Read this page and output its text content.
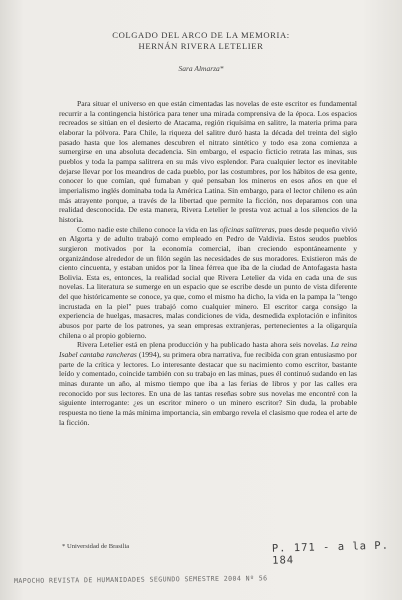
COLGADO DEL ARCO DE LA MEMORIA:
HERNÁN RIVERA LETELIER
Sara Almarza*

Para situar el universo en que están cimentadas las novelas de este escritor es fundamental recurrir a la contingencia histórica para tener una mirada comprensiva de la época. Los espacios recreados se sitúan en el desierto de Atacama, región riquísima en salitre, la materia prima para elaborar la pólvora. Para Chile, la riqueza del salitre duró hasta la década del treinta del siglo pasado hasta que los alemanes descubren el nitrato sintético y todo esa zona comienza a sumergirse en una absoluta decadencia. Sin embargo, el espacio ficticio retrata las minas, sus pueblos y toda la pampa salitrera en su más vivo esplendor. Para cualquier lector es inevitable dejarse llevar por los meandros de cada pueblo, por las costumbres, por los hábitos de esa gente, conocer lo que comían, qué fumaban y qué pensaban los mineros en esos años en que el imperialismo inglés dominaba toda la América Latina. Sin embargo, para el lector chileno es aún más atrayente porque, a través de la libertad que permite la ficción, nos deparamos con una realidad desconocida. De esta manera, Rivera Letelier le presta voz actual a los silencios de la historia.

Como nadie este chileno conoce la vida en las oficinas salitreras, pues desde pequeño vivió en Algorta y de adulto trabajó como empleado en Pedro de Valdivia. Estos seudos pueblos surgieron motivados por la economía comercial, iban creciendo espontáneamente y organizándose alrededor de un filón según las necesidades de sus moradores. Existieron más de ciento cincuenta, y estaban unidos por la línea férrea que iba de la ciudad de Antofagasta hasta Bolivia. Esta es, entonces, la realidad social que Rivera Letelier da vida en cada una de sus novelas. La literatura se sumerge en un espacio que se escribe desde un punto de vista diferente del que históricamente se conoce, ya que, como el mismo ha dicho, la vida en la pampa la "tengo incrustada en la piel" pues trabajó como cualquier minero. El escritor carga consigo la experiencia de huelgas, masacres, malas condiciones de vida, desmedida explotación e infinitos abusos por parte de los patrones, ya sean empresas extranjeras, pertenecientes a la oligarquía chilena o al propio gobierno.

Rivera Letelier está en plena producción y ha publicado hasta ahora seis novelas. La reina Isabel cantaba rancheras (1994), su primera obra narrativa, fue recibida con gran entusiasmo por parte de la crítica y lectores. Lo interesante destacar que su nacimiento como escritor, bastante leído y comentado, coincide también con su trabajo en las minas, pues él continuó sudando en las minas durante un año, al mismo tiempo que iba a las ferias de libros y por las calles era reconocido por sus lectores. En una de las tantas reseñas sobre sus novelas me encontré con la siguiente interrogante: ¿es un escritor minero o un minero escritor? Sin duda, la probable respuesta no tiene la más mínima importancia, sin embargo revela el clasismo que rodea el arte de la ficción.

* Universidad de Brasilia	P. 171 - a la P. 184
MAPOCHO REVISTA DE HUMANIDADES SEGUNDO SEMESTRE 2004 Nº 56
